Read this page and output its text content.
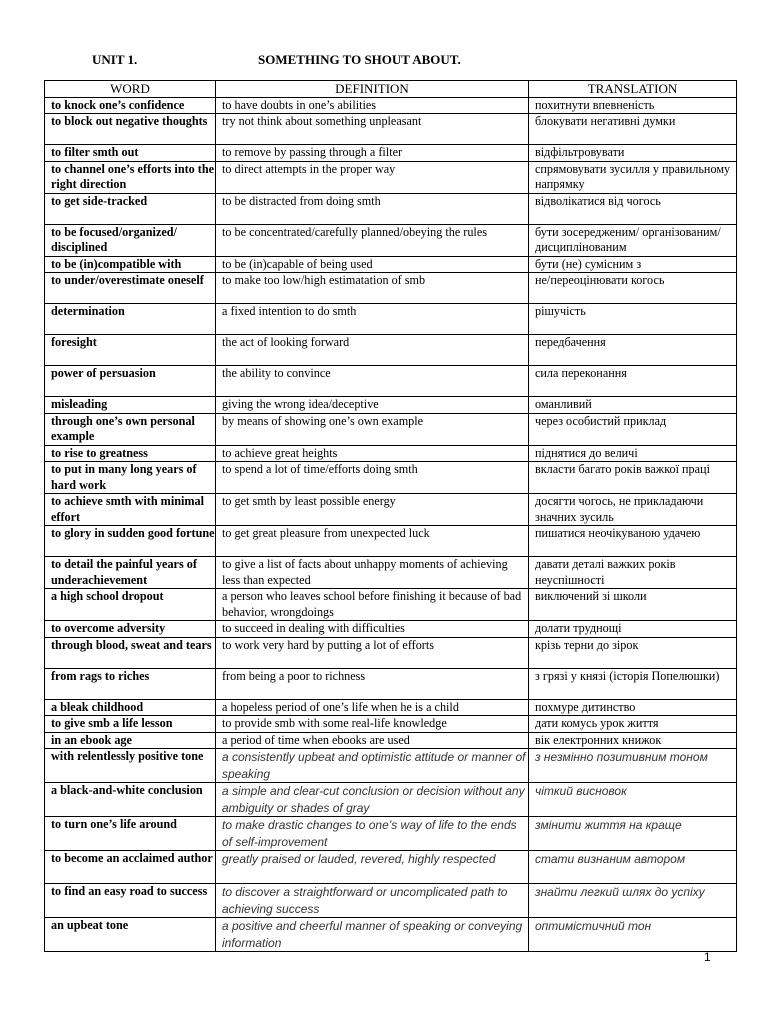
UNIT 1.	SOMETHING TO SHOUT ABOUT.
WORD	DEFINITION	TRANSLATION
to knock one’s confidence	to have doubts in one’s abilities	похитнути впевненість
to block out negative thoughts	try not think about something unpleasant	блокувати негативні думки
to filter smth out	to remove by passing through a filter	відфільтровувати
to channel one’s efforts into the right direction	to direct attempts in the proper way	спрямовувати зусилля у правильному напрямку
to get side-tracked	to be distracted from doing smth	відволікатися від чогось
to be focused/organized/ disciplined	to be concentrated/carefully planned/obeying the rules	бути зосередженим/ організованим/дисциплінованим
to be (in)compatible with	to be (in)capable of being used	бути (не) сумісним з
to under/overestimate oneself	to make too low/high estimatation of smb	не/переоцінювати когось
determination	a fixed intention to do smth	рішучість
foresight	the act of looking forward	передбачення
power of persuasion	the ability to convince	сила переконання
misleading	giving the wrong idea/deceptive	оманливий
through one’s own personal example	by means of showing one’s own example	через особистий приклад
to rise to greatness	to achieve great heights	піднятися до величі
to put in many long years of hard work	to spend a lot of time/efforts doing smth	вкласти багато років важкої праці
to achieve smth with minimal effort	to get smth by least possible energy	досягти чогось, не прикладаючи значних зусиль
to glory in sudden good fortune	to get great pleasure from unexpected luck	пишатися неочікуваною удачею
to detail the painful years of underachievement	to give a list of facts about unhappy moments of achieving less than expected	давати деталі важких років неуспішності
a high school dropout	a person who leaves school before finishing it because of bad behavior, wrongdoings	виключений зі школи
to overcome adversity	to succeed in dealing with difficulties	долати труднощі
through blood, sweat and tears	to work very hard by putting a lot of efforts	крізь терни до зірок
from rags to riches	from being a poor to richness	з грязі у князі (історія Попелюшки)
a bleak childhood	a hopeless period of one’s life when he is a child	похмуре дитинство
to give smb a life lesson	to provide smb with some real-life knowledge	дати комусь урок життя
in an ebook age	a period of time when ebooks are used	вік електронних книжок
with relentlessly positive tone	a consistently upbeat and optimistic attitude or manner of speaking	з незмінно позитивним тоном
a black-and-white conclusion	a simple and clear-cut conclusion or decision without any ambiguity or shades of gray	чіткий висновок
to turn one’s life around	to make drastic changes to one’s way of life to the ends of self-improvement	змінити життя на краще
to become an acclaimed author	greatly praised or lauded, revered, highly respected	стати визнаним автором
to find an easy road to success	to discover a straightforward or uncomplicated path to achieving success	знайти легкий шлях до успіху
an upbeat tone	a positive and cheerful manner of speaking or conveying information	оптимістичний тон
1
